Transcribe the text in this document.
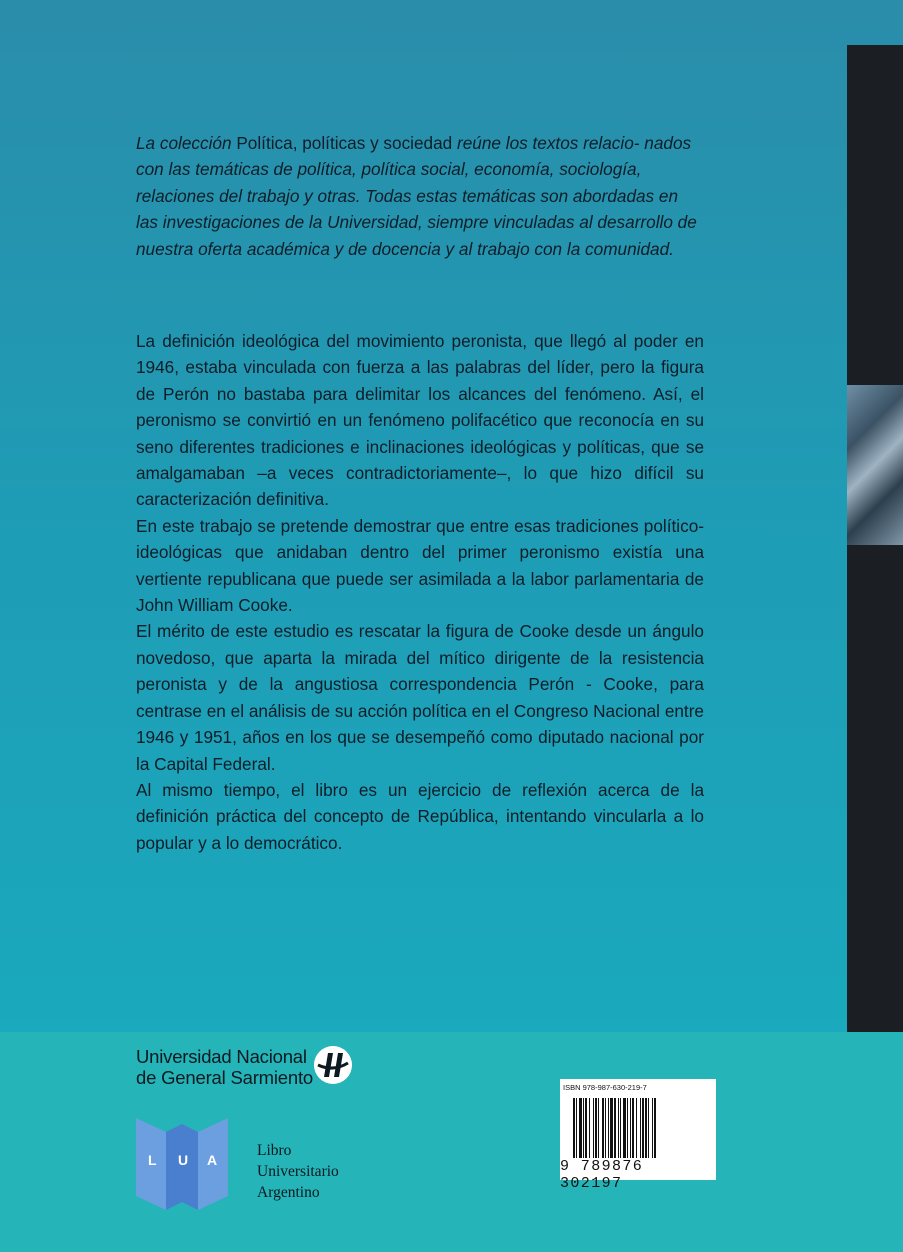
La colección Política, políticas y sociedad reúne los textos relacio- nados con las temáticas de política, política social, economía, sociología, relaciones del trabajo y otras. Todas estas temáticas son abordadas en las investigaciones de la Universidad, siempre vinculadas al desarrollo de nuestra oferta académica y de docencia y al trabajo con la comunidad.

La definición ideológica del movimiento peronista, que llegó al poder en 1946, estaba vinculada con fuerza a las palabras del líder, pero la figura de Perón no bastaba para delimitar los alcances del fenómeno. Así, el peronismo se convirtió en un fenómeno polifacético que reconocía en su seno diferentes tradiciones e inclinaciones ideológicas y políticas, que se amalgamaban –a veces contradictoriamente–, lo que hizo difícil su caracterización definitiva.

En este trabajo se pretende demostrar que entre esas tradiciones político-ideológicas que anidaban dentro del primer peronismo existía una vertiente republicana que puede ser asimilada a la labor parlamentaria de John William Cooke.

El mérito de este estudio es rescatar la figura de Cooke desde un ángulo novedoso, que aparta la mirada del mítico dirigente de la resistencia peronista y de la angustiosa correspondencia Perón - Cooke, para centrase en el análisis de su acción política en el Congreso Nacional entre 1946 y 1951, años en los que se desempeñó como diputado nacional por la Capital Federal.

Al mismo tiempo, el libro es un ejercicio de reflexión acerca de la definición práctica del concepto de República, intentando vincularla a lo popular y a lo democrático.

Universidad Nacional
de General Sarmiento
L U A
Libro
Universitario
Argentino
ISBN 978-987-630-219-7
9 789876 302197
